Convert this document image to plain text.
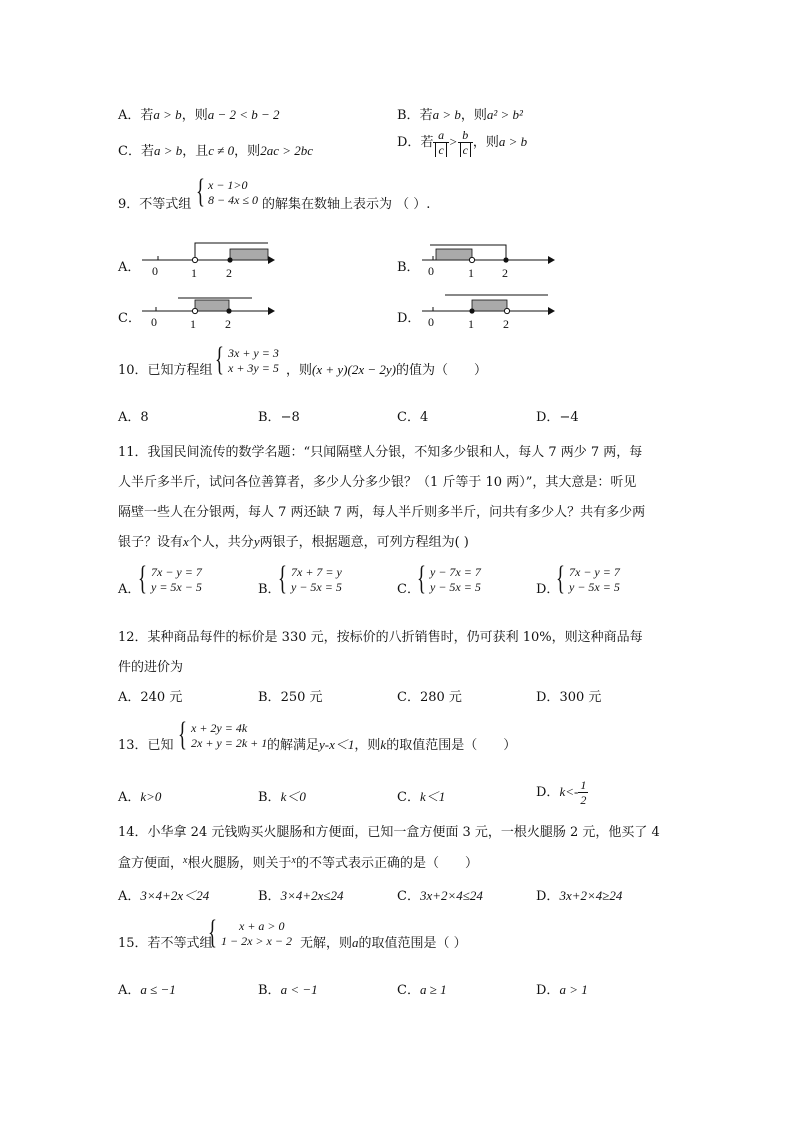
A．若a > b，则a − 2 < b − 2	B．若a > b，则a² > b²
C．若a > b，且c ≠ 0，则2ac > 2bc
D．若 $\frac{a}{c} > \frac{b}{c}$ ，则a > b
9．不等式组 { x − 1>0
8 − 4x ≤ 0 的解集在数轴上表示为 （ ）.
A． 0	1 2	B． 0	1 2
C． 0	1 2	D． 0	1 2
10．已知方程组 { 3x + y = 3
x + 3y = 5 ，则(x + y)(2x − 2y)的值为（　　）
A．8	B．−8	C．4	D．−4
11．我国民间流传的数学名题：“只闻隔壁人分银，不知多少银和人，每人 7 两少 7 两，每
人半斤多半斤，试问各位善算者，多少人分多少银？（1 斤等于 10 两）”，其大意是：听见
隔壁一些人在分银两，每人 7 两还缺 7 两，每人半斤则多半斤，问共有多少人？共有多少两
银子？设有x个人，共分y两银子，根据题意，可列方程组为( )
A．
{ 7x − y = 7
y = 5x − 5	B．
{ 7x + 7 = y
y − 5x = 5	C．
{ y − 7x = 7
y − 5x = 5	D．
{ 7x − y = 7
y − 5x = 5
12．某种商品每件的标价是 330 元，按标价的八折销售时，仍可获利 10%，则这种商品每
件的进价为
A．240 元	B．250 元	C．280 元	D．300 元
13．已知 { x + 2y = 4k
2x + y = 2k + 1 的解满足y-x＜1，则k的取值范围是（　　）
A．k>0	B．k＜0	C．k＜1	D．$k<- \frac{1}{2}$
14．小华拿 24 元钱购买火腿肠和方便面，已知一盒方便面 3 元，一根火腿肠 2 元，他买了 4
盒方便面，$^x$根火腿肠，则关于$^x$的不等式表示正确的是（　　）
A．3×4+2x＜24	B．3×4+2x≤24	C．3x+2×4≤24	D．3x+2×4≥24
15．若不等式组
{	x + a > 0
1 − 2x > x − 2 无解，则a的取值范围是（ ）
A．a ≤ −1	B．a < −1	C．a ≥ 1	D．a > 1
